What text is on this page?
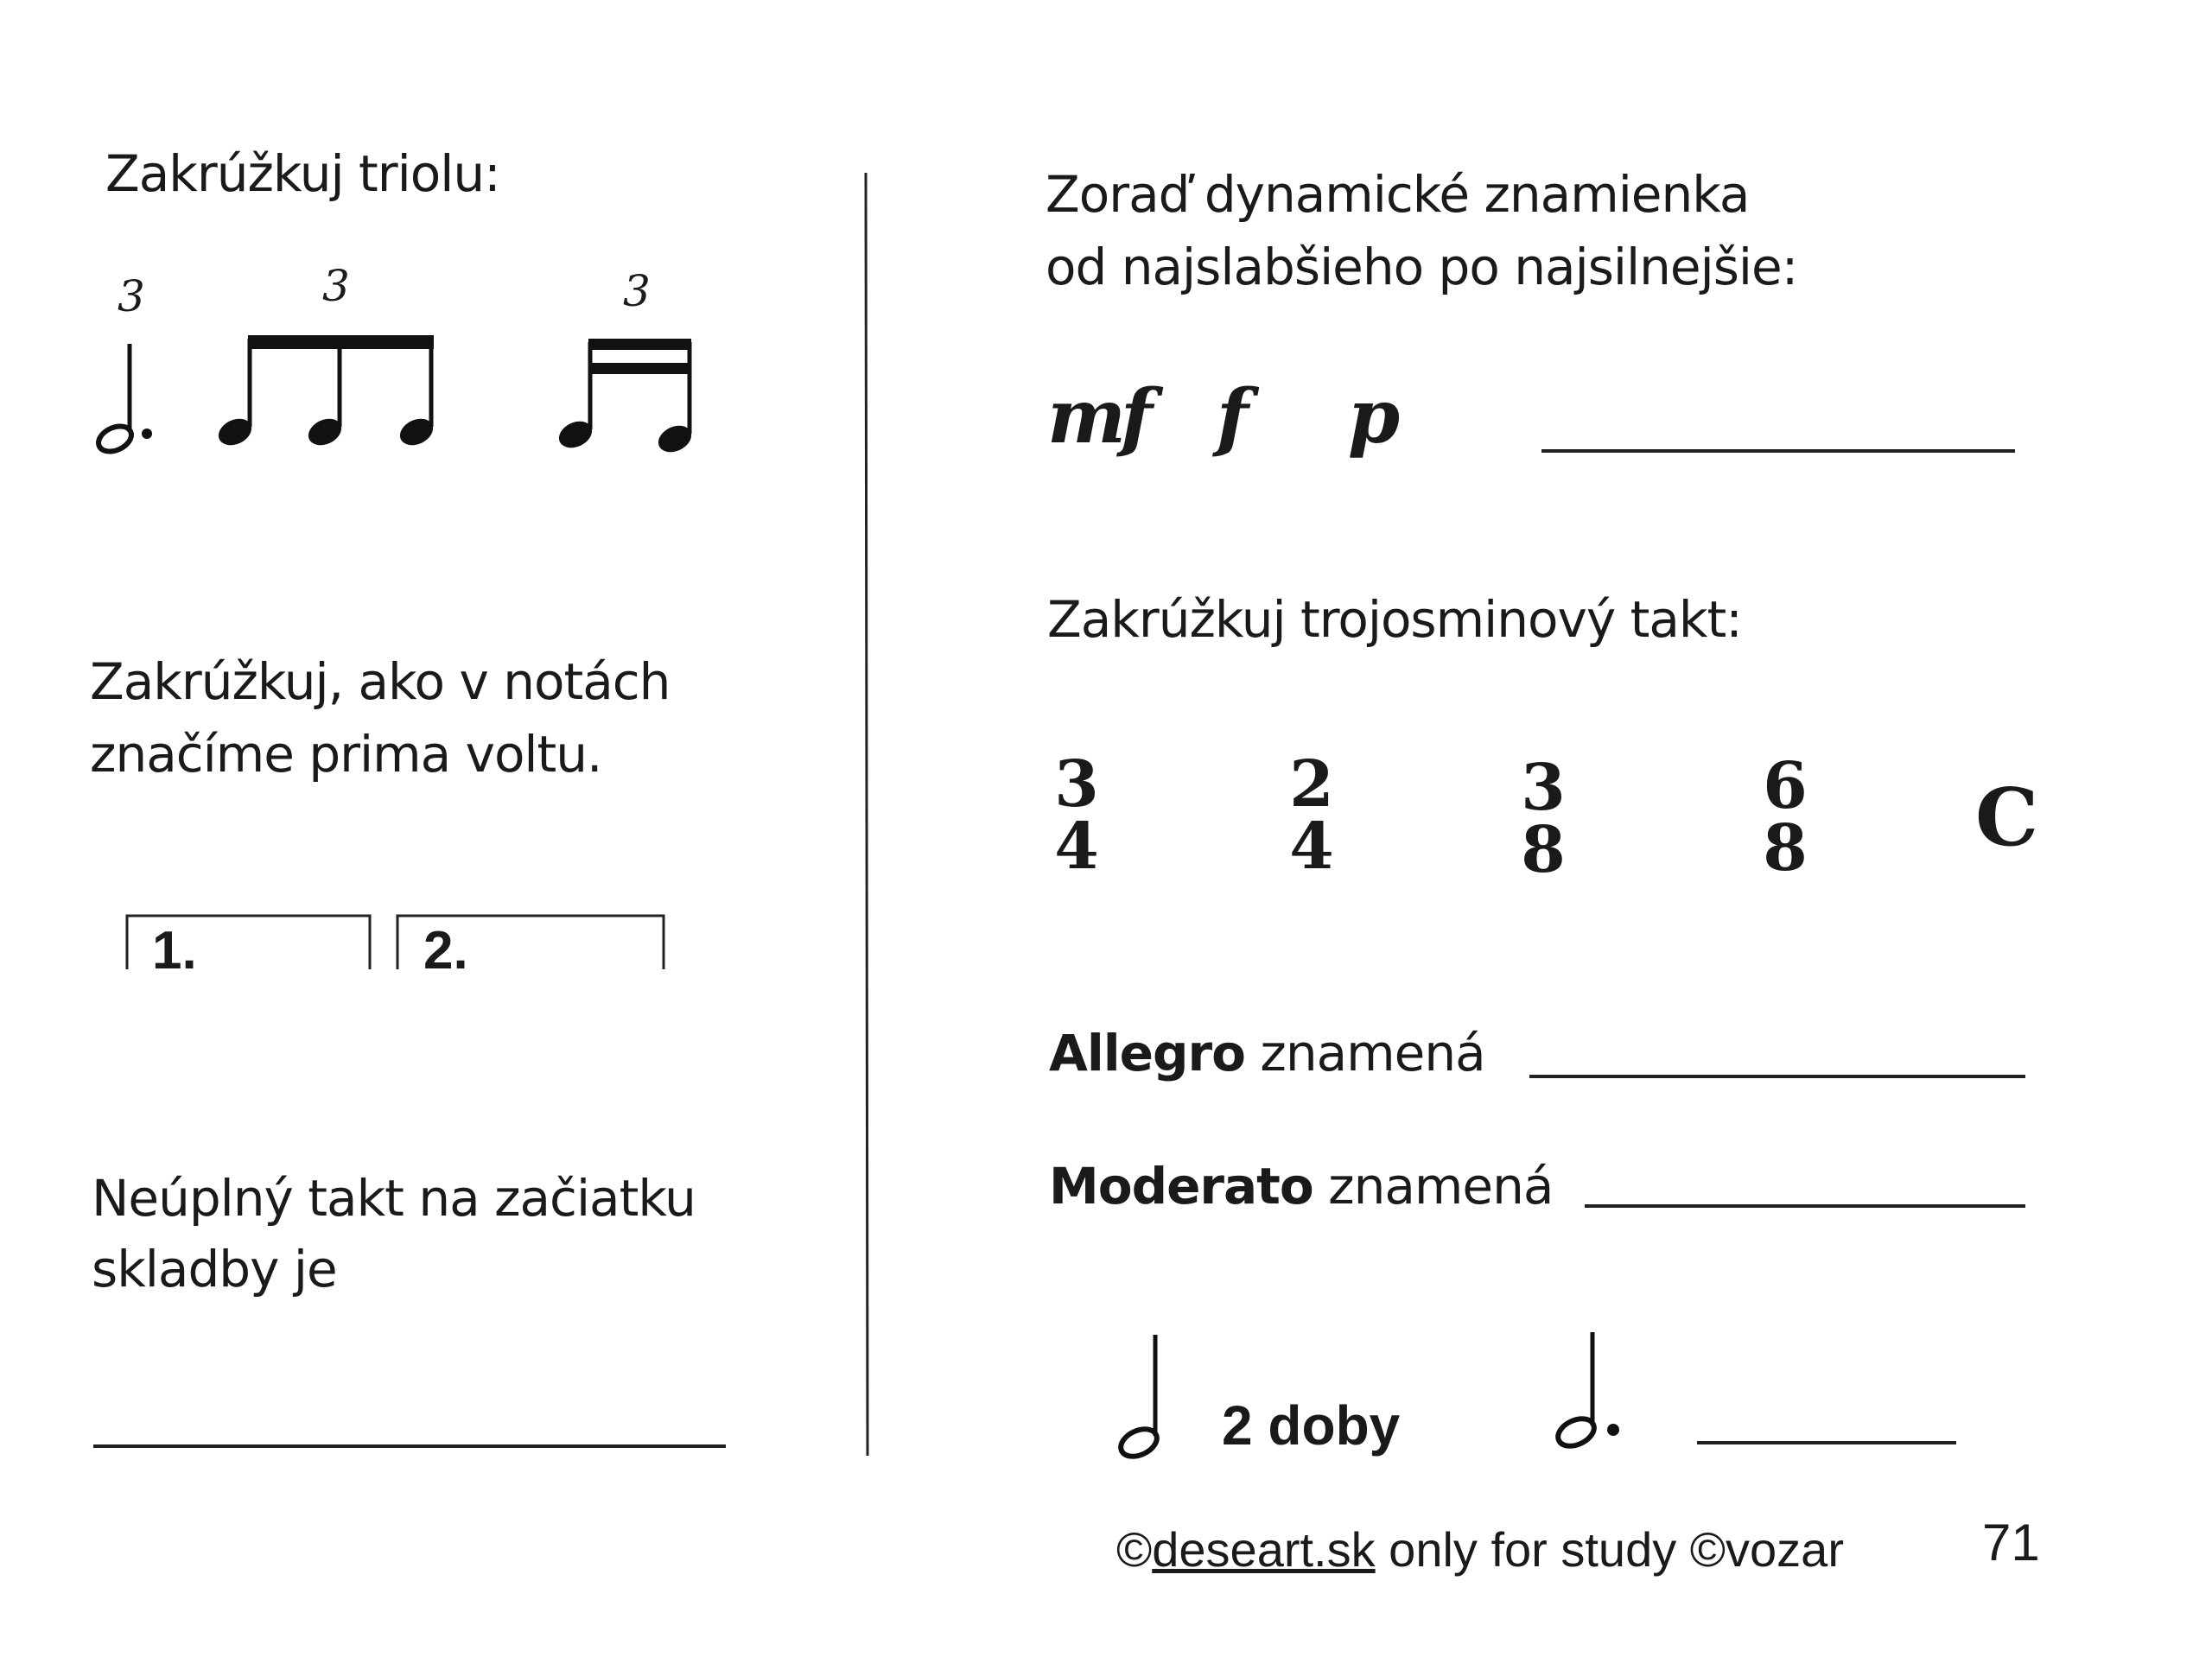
Zakrúžkuj triolu:
3	3	3
1.	2.
Zakrúžkuj, ako v notách
značíme prima voltu.
Neúplný takt na začiatku
skladby je
Zoraď dynamické znamienka
od najslabšieho po najsilnejšie:
mf f p
Zakrúžkuj trojosminový takt:
3
4
2
4
3
8
6
8 C
Allegro znamená
Moderato znamená
2 doby
©deseart.sk only for study ©vozar	71
